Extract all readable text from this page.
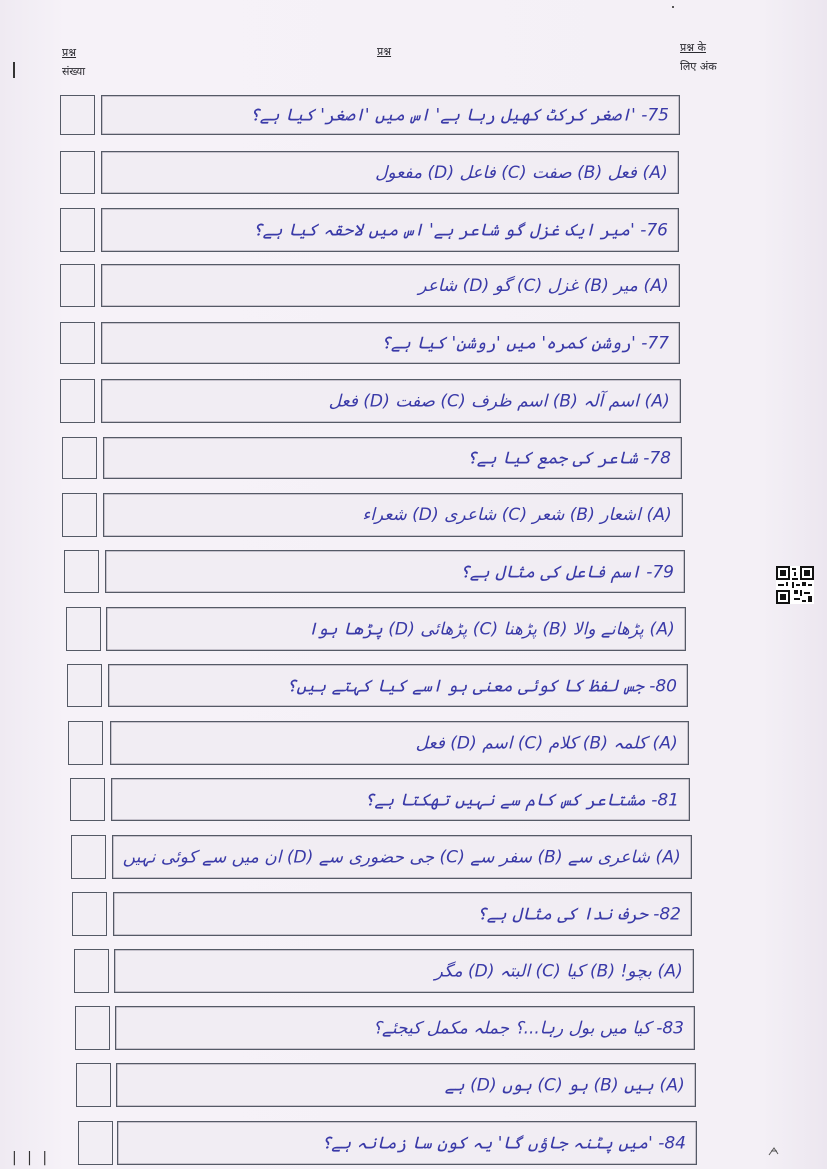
प्रश्न
संख्या
प्रश्न	प्रश्न के
लिए अंक
75- 'اصغر کرکٹ کھیل رہا ہے' اس میں 'اصغر' کیا ہے؟
(A) فعل (B) صفت (C) فاعل (D) مفعول
76- 'میر ایک غزل گو شاعر ہے' اس میں لاحقہ کیا ہے؟
(A) میر (B) غزل (C) گو (D) شاعر
77- 'روشن کمرہ' میں 'روشن' کیا ہے؟
(A) اسم آلہ (B) اسم ظرف (C) صفت (D) فعل
78- شاعر کی جمع کیا ہے؟
(A) اشعار (B) شعر (C) شاعری (D) شعراء
79- اسم فاعل کی مثال ہے؟
(A) پڑھانے والا (B) پڑھنا (C) پڑھائی (D) پڑھا ہوا
80- جس لفظ کا کوئی معنی ہو اسے کیا کہتے ہیں؟
(A) کلمہ (B) کلام (C) اسم (D) فعل
81- مشتاعر کس کام سے نہیں تھکتا ہے؟
(A) شاعری سے (B) سفر سے (C) جی حضوری سے (D) ان میں سے کوئی نہیں
82- حرف ندا کی مثال ہے؟
(A) بچو! (B) کیا (C) البتہ (D) مگر
83- کیا میں بول رہا...؟ جملہ مکمل کیجئے؟
(A) ہیں (B) ہو (C) ہوں (D) ہے
84- 'میں پٹنہ جاؤں گا' یہ کون سا زمانہ ہے؟
| | |
